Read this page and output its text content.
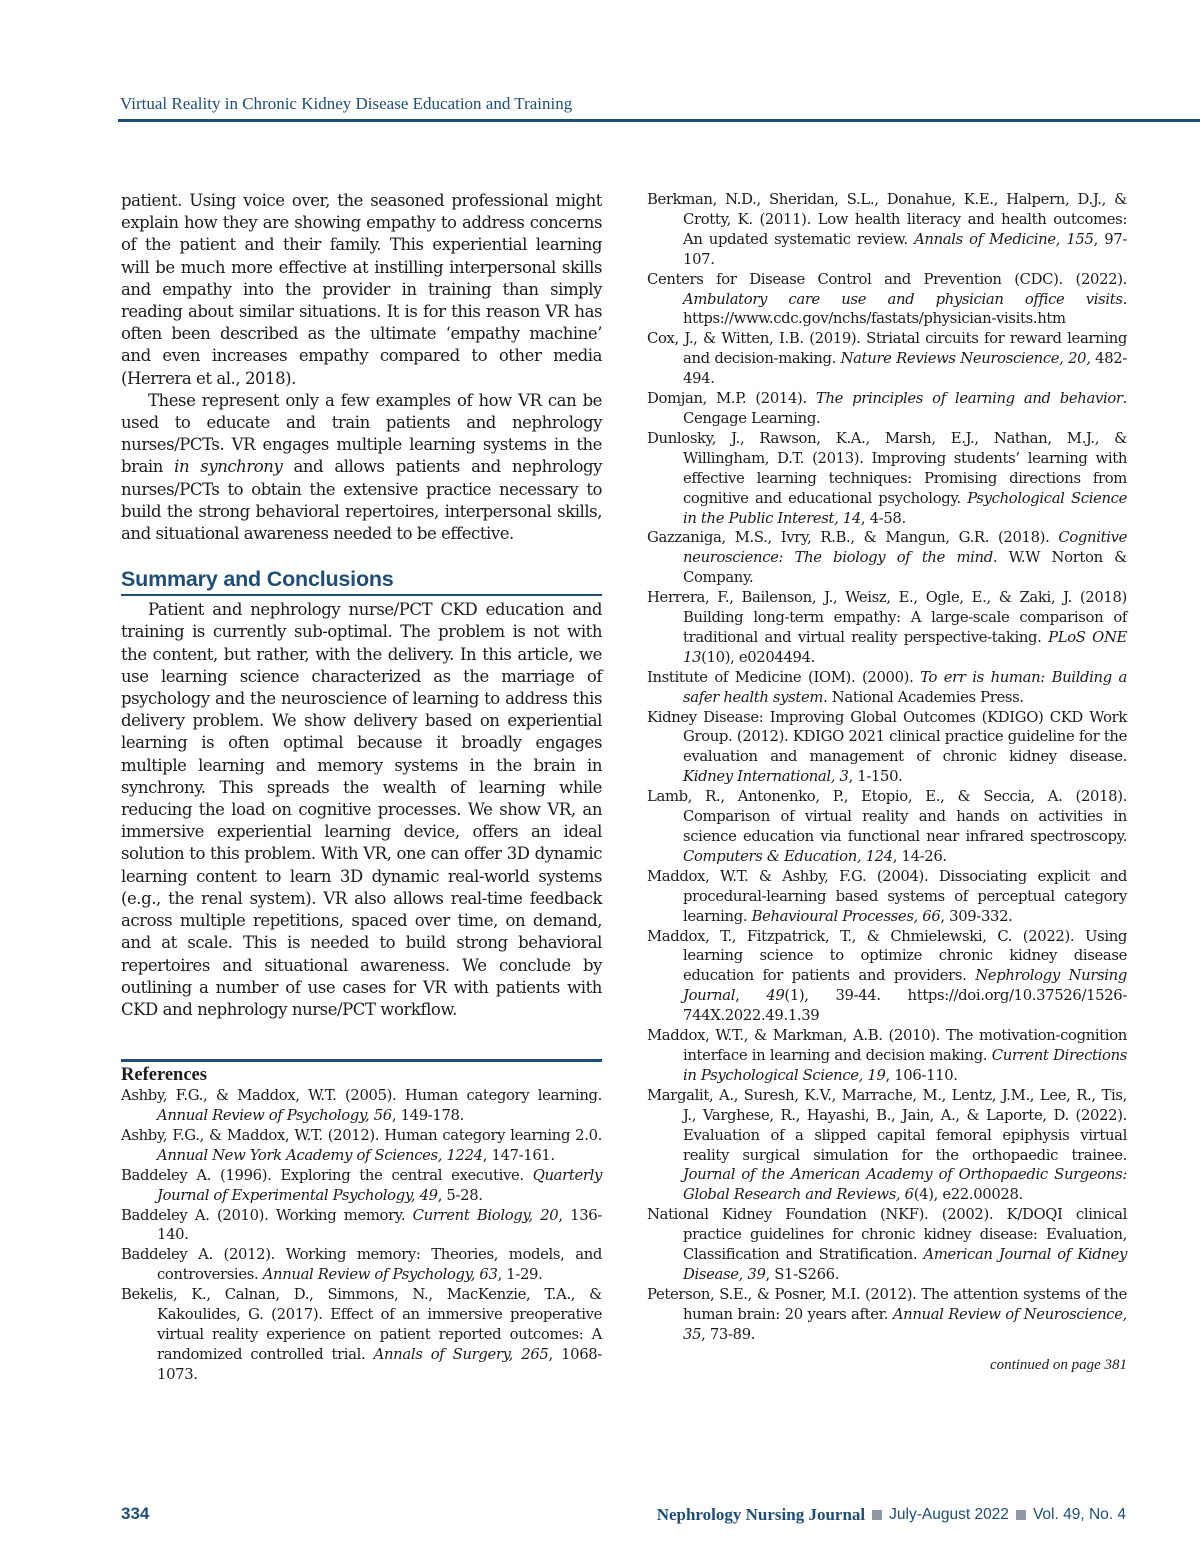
Virtual Reality in Chronic Kidney Disease Education and Training

patient. Using voice over, the seasoned professional might explain how they are showing empathy to address concerns of the patient and their family. This experiential learning will be much more effective at instilling interpersonal skills and empathy into the provider in training than simply reading about similar situations. It is for this reason VR has often been described as the ultimate ‘empathy machine’ and even increases empathy compared to other media (Herrera et al., 2018).

These represent only a few examples of how VR can be used to educate and train patients and nephrology nurses/PCTs. VR engages multiple learning systems in the brain in synchrony and allows patients and nephrology nurses/PCTs to obtain the extensive practice necessary to build the strong behavioral repertoires, interpersonal skills, and situational awareness needed to be effective.

Summary and Conclusions

Patient and nephrology nurse/PCT CKD education and training is currently sub-optimal. The problem is not with the content, but rather, with the delivery. In this article, we use learning science characterized as the marriage of psychology and the neuroscience of learning to address this delivery problem. We show delivery based on experiential learning is often optimal because it broadly engages multiple learning and memory systems in the brain in synchrony. This spreads the wealth of learning while reducing the load on cognitive processes. We show VR, an immersive experiential learning device, offers an ideal solution to this problem. With VR, one can offer 3D dynamic learning content to learn 3D dynamic real-world systems (e.g., the renal system). VR also allows real-time feedback across multiple repetitions, spaced over time, on demand, and at scale. This is needed to build strong behavioral repertoires and situational awareness. We conclude by outlining a number of use cases for VR with patients with CKD and nephrology nurse/PCT workflow.

References

Ashby, F.G., & Maddox, W.T. (2005). Human category learning. Annual Review of Psychology, 56, 149-178.

Ashby, F.G., & Maddox, W.T. (2012). Human category learning 2.0. Annual New York Academy of Sciences, 1224, 147-161.

Baddeley A. (1996). Exploring the central executive. Quarterly Journal of Experimental Psychology, 49, 5-28.

Baddeley A. (2010). Working memory. Current Biology, 20, 136-140.

Baddeley A. (2012). Working memory: Theories, models, and controversies. Annual Review of Psychology, 63, 1-29.

Bekelis, K., Calnan, D., Simmons, N., MacKenzie, T.A., & Kakoulides, G. (2017). Effect of an immersive preoperative virtual reality experience on patient reported outcomes: A randomized controlled trial. Annals of Surgery, 265, 1068-1073.

Berkman, N.D., Sheridan, S.L., Donahue, K.E., Halpern, D.J., & Crotty, K. (2011). Low health literacy and health outcomes: An updated systematic review. Annals of Medicine, 155, 97-107.

Centers for Disease Control and Prevention (CDC). (2022). Ambulatory care use and physician office visits. https://www.cdc.gov/nchs/fastats/physician-visits.htm

Cox, J., & Witten, I.B. (2019). Striatal circuits for reward learning and decision-making. Nature Reviews Neuroscience, 20, 482-494.

Domjan, M.P. (2014). The principles of learning and behavior. Cengage Learning.

Dunlosky, J., Rawson, K.A., Marsh, E.J., Nathan, M.J., & Willingham, D.T. (2013). Improving students’ learning with effective learning techniques: Promising directions from cognitive and educational psychology. Psychological Science in the Public Interest, 14, 4-58.

Gazzaniga, M.S., Ivry, R.B., & Mangun, G.R. (2018). Cognitive neuroscience: The biology of the mind. W.W Norton & Company.

Herrera, F., Bailenson, J., Weisz, E., Ogle, E., & Zaki, J. (2018) Building long-term empathy: A large-scale comparison of traditional and virtual reality perspective-taking. PLoS ONE 13(10), e0204494.

Institute of Medicine (IOM). (2000). To err is human: Building a safer health system. National Academies Press.

Kidney Disease: Improving Global Outcomes (KDIGO) CKD Work Group. (2012). KDIGO 2021 clinical practice guideline for the evaluation and management of chronic kidney disease. Kidney International, 3, 1-150.

Lamb, R., Antonenko, P., Etopio, E., & Seccia, A. (2018). Comparison of virtual reality and hands on activities in science education via functional near infrared spectroscopy. Computers & Education, 124, 14-26.

Maddox, W.T. & Ashby, F.G. (2004). Dissociating explicit and procedural-learning based systems of perceptual category learning. Behavioural Processes, 66, 309-332.

Maddox, T., Fitzpatrick, T., & Chmielewski, C. (2022). Using learning science to optimize chronic kidney disease education for patients and providers. Nephrology Nursing Journal, 49(1), 39-44. https://doi.org/10.37526/1526-744X.2022.49.1.39

Maddox, W.T., & Markman, A.B. (2010). The motivation-cognition interface in learning and decision making. Current Directions in Psychological Science, 19, 106-110.

Margalit, A., Suresh, K.V., Marrache, M., Lentz, J.M., Lee, R., Tis, J., Varghese, R., Hayashi, B., Jain, A., & Laporte, D. (2022). Evaluation of a slipped capital femoral epiphysis virtual reality surgical simulation for the orthopaedic trainee. Journal of the American Academy of Orthopaedic Surgeons: Global Research and Reviews, 6(4), e22.00028.

National Kidney Foundation (NKF). (2002). K/DOQI clinical practice guidelines for chronic kidney disease: Evaluation, Classification and Stratification. American Journal of Kidney Disease, 39, S1-S266.

Peterson, S.E., & Posner, M.I. (2012). The attention systems of the human brain: 20 years after. Annual Review of Neuroscience, 35, 73-89.

continued on page 381
334	Nephrology Nursing Journal July-August 2022 Vol. 49, No. 4
